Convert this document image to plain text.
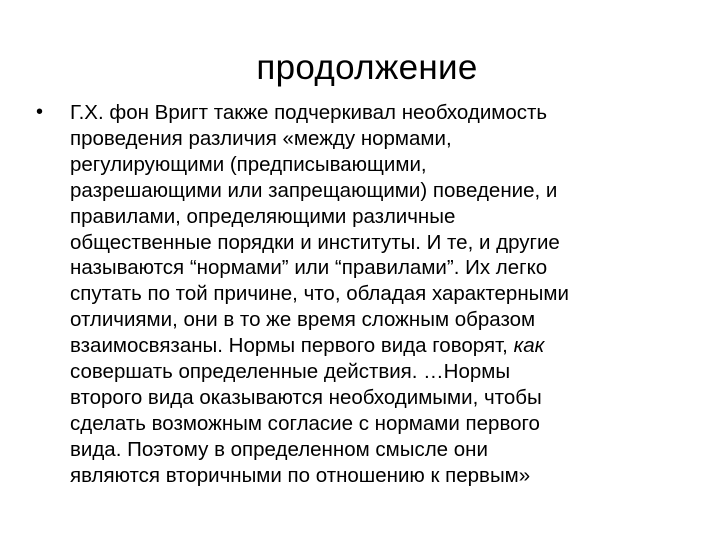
продолжение
•	Г.Х. фон Вригт также подчеркивал необходимость
проведения различия «между нормами,
регулирующими (предписывающими,
разрешающими или запрещающими) поведение, и
правилами, определяющими различные
общественные порядки и институты. И те, и другие
называются “нормами” или “правилами”. Их легко
спутать по той причине, что, обладая характерными
отличиями, они в то же время сложным образом
взаимосвязаны. Нормы первого вида говорят, как
совершать определенные действия. …Нормы
второго вида оказываются необходимыми, чтобы
сделать возможным согласие с нормами первого
вида. Поэтому в определенном смысле они
являются вторичными по отношению к первым»
